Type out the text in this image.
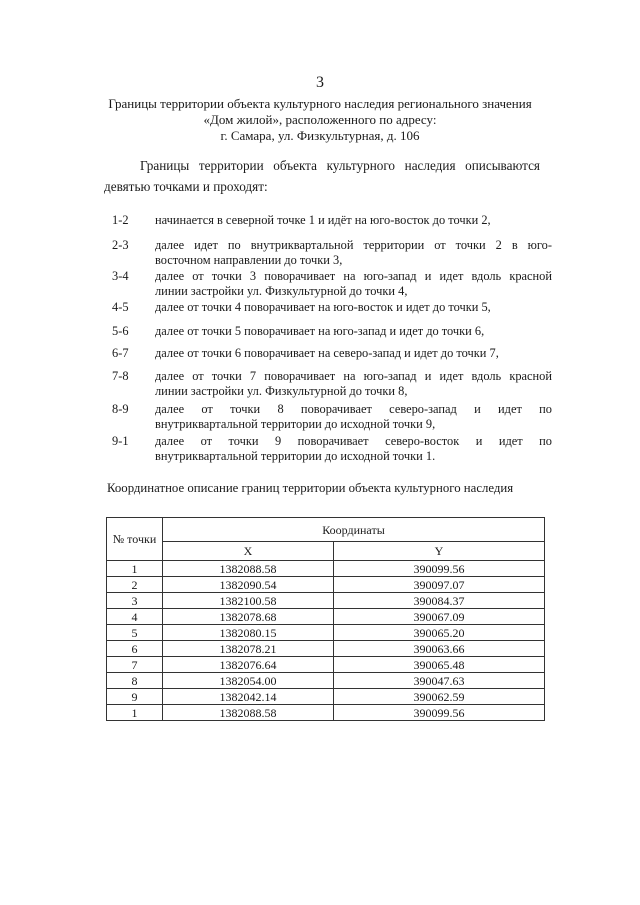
3
Границы территории объекта культурного наследия регионального значения
«Дом жилой», расположенного по адресу:
г. Самара, ул. Физкультурная, д. 106
Границы территории объекта культурного наследия описываются девятью точками и проходят:
1-2	начинается в северной точке 1 и идёт на юго-восток до точки 2,
2-3	далее идет по внутриквартальной территории от точки 2 в юго-
восточном направлении до точки 3,
3-4	далее от точки 3 поворачивает на юго-запад и идет вдоль красной
линии застройки ул. Физкультурной до точки 4,
4-5	далее от точки 4 поворачивает на юго-восток и идет до точки 5,
5-6	далее от точки 5 поворачивает на юго-запад и идет до точки 6,
6-7	далее от точки 6 поворачивает на северо-запад и идет до точки 7,
7-8	далее от точки 7 поворачивает на юго-запад и идет вдоль красной
линии застройки ул. Физкультурной до точки 8,
8-9	далее от точки 8 поворачивает северо-запад и идет по
внутриквартальной территории до исходной точки 9,
9-1	далее от точки 9 поворачивает северо-восток и идет по
внутриквартальной территории до исходной точки 1.
Координатное описание границ территории объекта культурного наследия
№ точки	Координаты	
	X	Y
1	1382088.58	390099.56
2	1382090.54	390097.07
3	1382100.58	390084.37
4	1382078.68	390067.09
5	1382080.15	390065.20
6	1382078.21	390063.66
7	1382076.64	390065.48
8	1382054.00	390047.63
9	1382042.14	390062.59
1	1382088.58	390099.56
